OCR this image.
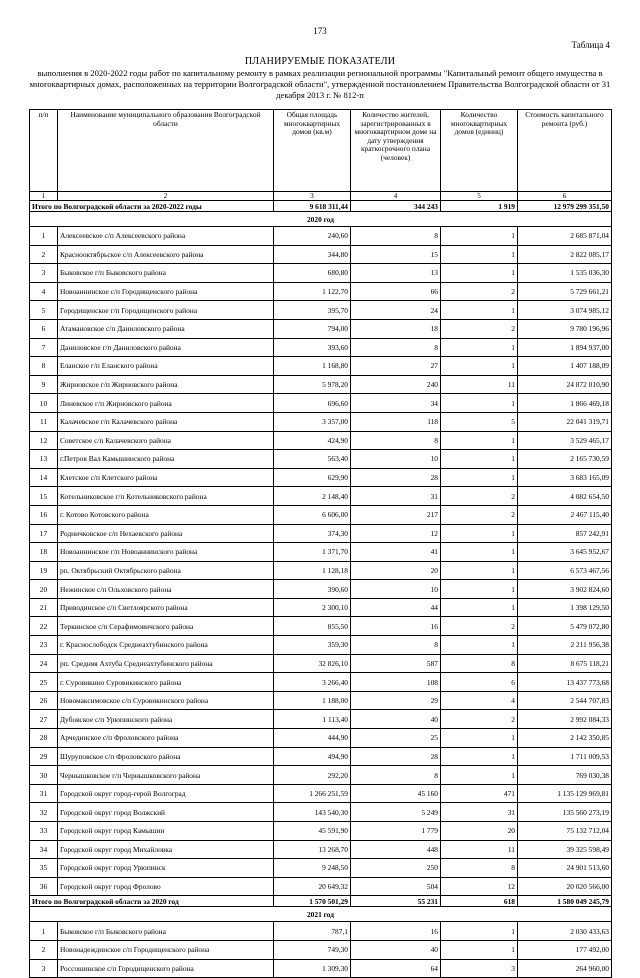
173
Таблица 4
ПЛАНИРУЕМЫЕ ПОКАЗАТЕЛИ
выполнения в 2020-2022 годы работ по капитальному ремонту в рамках реализации региональной программы "Капитальный ремонт общего имущества в многоквартирных домах, расположенных на территории Волгоградской области", утвержденной постановлением Правительства Волгоградской области от 31 декабря 2013 г. № 812-п
п/п	Наименование муниципального образования Волгоградской области	Общая площадь многоквартирных домов (кв.м)	Количество жителей, зарегистрированных в многоквартирном доме на дату утверждения краткосрочного плана (человек)	Количество многоквартирных домов (единиц)	Стоимость капитального ремонта (руб.)
1	2	3	4	5	6
Итого по Волгоградской области за 2020-2022 годы		9 618 311,44	344 243	1 919	12 979 299 351,50
2020 год					
1	Алексеевское с/п Алексеевского района	240,60	8	1	2 685 871,04
2	Краснооктябрьское с/п Алексеевского района	344,80	15	1	2 822 085,17
3	Быковское г/п Быковского района	680,80	13	1	1 535 036,30
4	Новоаннинское с/п Городищенского района	1 122,70	66	2	5 729 661,21
5	Городищенское г/п Городищенского района	395,70	24	1	3 074 985,12
6	Атамановское с/п Даниловского района	794,00	18	2	9 780 196,96
7	Даниловское г/п Даниловского района	393,60	8	1	1 894 937,00
8	Еланское г/п Еланского района	1 168,80	27	1	1 407 188,09
9	Жирновское г/п Жирновского района	5 978,20	240	11	24 872 010,90
10	Линевское г/п Жирновского района	696,60	34	1	1 866 469,18
11	Калачевское г/п Калачевского района	3 357,00	118	5	22 041 319,71
12	Советское с/п Калачевского района	424,90	8	1	3 529 465,17
13	г.Петров Вал Камышинского района	563,40	10	1	2 165 730,59
14	Клетское с/п Клетского района	629,90	28	1	3 683 165,09
15	Котельниковское г/п Котельниковского района	2 148,40	31	2	4 082 654,50
16	г. Котово Котовского района	6 606,00	217	2	2 467 115,40
17	Родничковское с/п Нехаевского района	374,30	12	1	857 242,91
18	Новоаннинское г/п Новоаннинского района	1 371,70	41	1	3 645 952,67
19	рп. Октябрьский Октябрьского района	1 128,18	20	1	6 573 467,56
20	Нежинское с/п Ольховского района	390,60	10	1	3 902 824,60
21	Приводинское с/п Светлоярского района	2 300,10	44	1	1 398 129,50
22	Теркинское с/п Серафимовичского района	855,50	16	2	5 479 072,80
23	г. Краснослободск Среднеахтубинского района	359,30	8	1	2 211 956,38
24	рп. Средняя Ахтуба Среднеахтубинского района	32 826,10	587	8	8 675 118,21
25	г. Суровикино Суровикинского района	3 266,40	108	6	13 437 773,68
26	Новомаксимовское с/п Суровикинского района	1 188,00	29	4	2 544 707,83
27	Дубовское с/п Урюпинского района	1 113,40	40	2	2 992 084,33
28	Арчединское с/п Фроловского района	444,90	25	1	2 142 350,85
29	Шуруповское с/п Фроловского района	494,90	28	1	1 711 009,53
30	Чернышковское г/п Чернышковского района	292,20	8	1	769 030,38
31	Городской округ город-герой Волгоград	1 266 251,59	45 160	471	1 135 129 969,81
32	Городской округ город Волжский	143 540,30	5 249	31	135 560 273,19
33	Городской округ город Камышин	45 591,90	1 779	20	75 132 712,04
34	Городской округ город Михайловка	13 268,70	448	11	39 325 598,49
35	Городской округ город Урюпинск	9 248,50	250	8	24 901 513,60
36	Городской округ город Фролово	20 649,32	504	12	20 020 566,00
Итого по Волгоградской области за 2020 год		1 570 501,29	55 231	618	1 580 049 245,79
2021 год					
1	Быковское г/п Быковского района	787,1	16	1	2 030 433,63
2	Новонадеждинское с/п Городищенского района	749,30	40	1	177 492,00
3	Россошинское с/п Городищенского района	1 309,30	64	3	264 960,00
